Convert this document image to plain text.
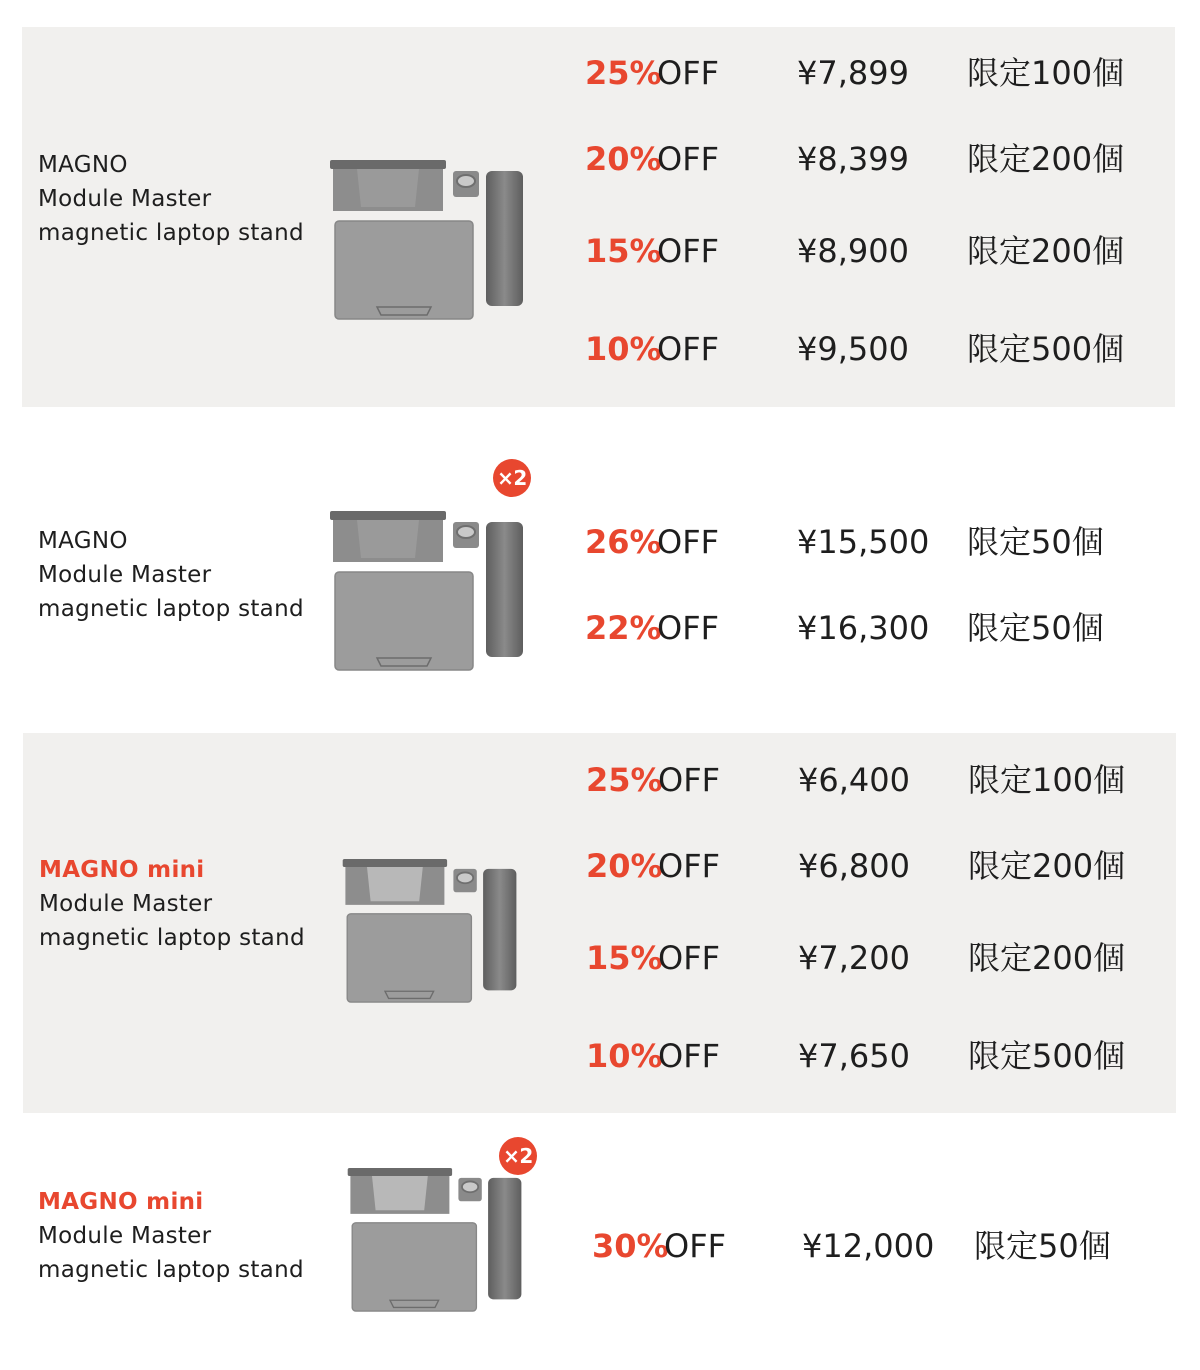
MAGNO
Module Master
magnetic laptop stand
25%
OFF ¥7,899 限定100個
20%
OFF ¥8,399 限定200個
15%
OFF ¥8,900 限定200個
10%
OFF ¥9,500 限定500個
MAGNO
Module Master
magnetic laptop stand
×2
26%
OFF ¥15,500 限定50個
22%
OFF ¥16,300 限定50個
MAGNO mini
Module Master
magnetic laptop stand
25%
OFF ¥6,400 限定100個
20%
OFF ¥6,800 限定200個
15%
OFF ¥7,200 限定200個
10%
OFF ¥7,650 限定500個
MAGNO mini
Module Master
magnetic laptop stand
×2
30%
OFF ¥12,000 限定50個
